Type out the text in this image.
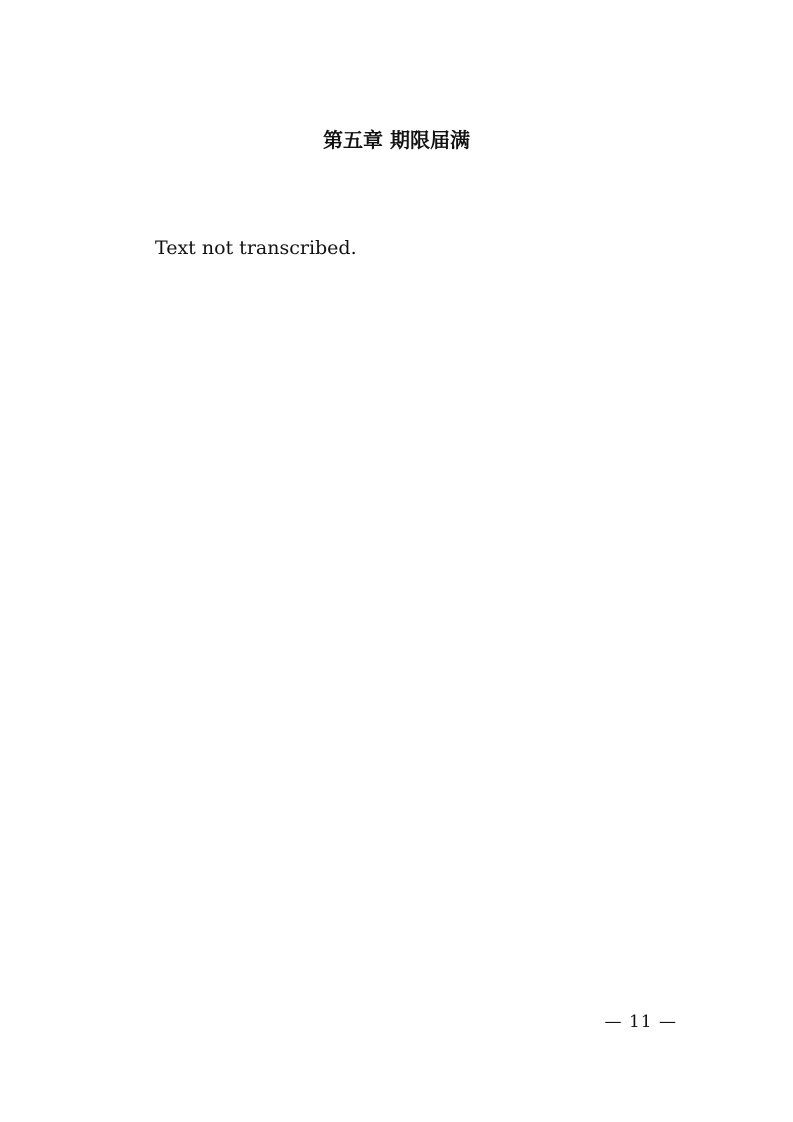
第五章 期限届满

Text not transcribed.

— 11 —
